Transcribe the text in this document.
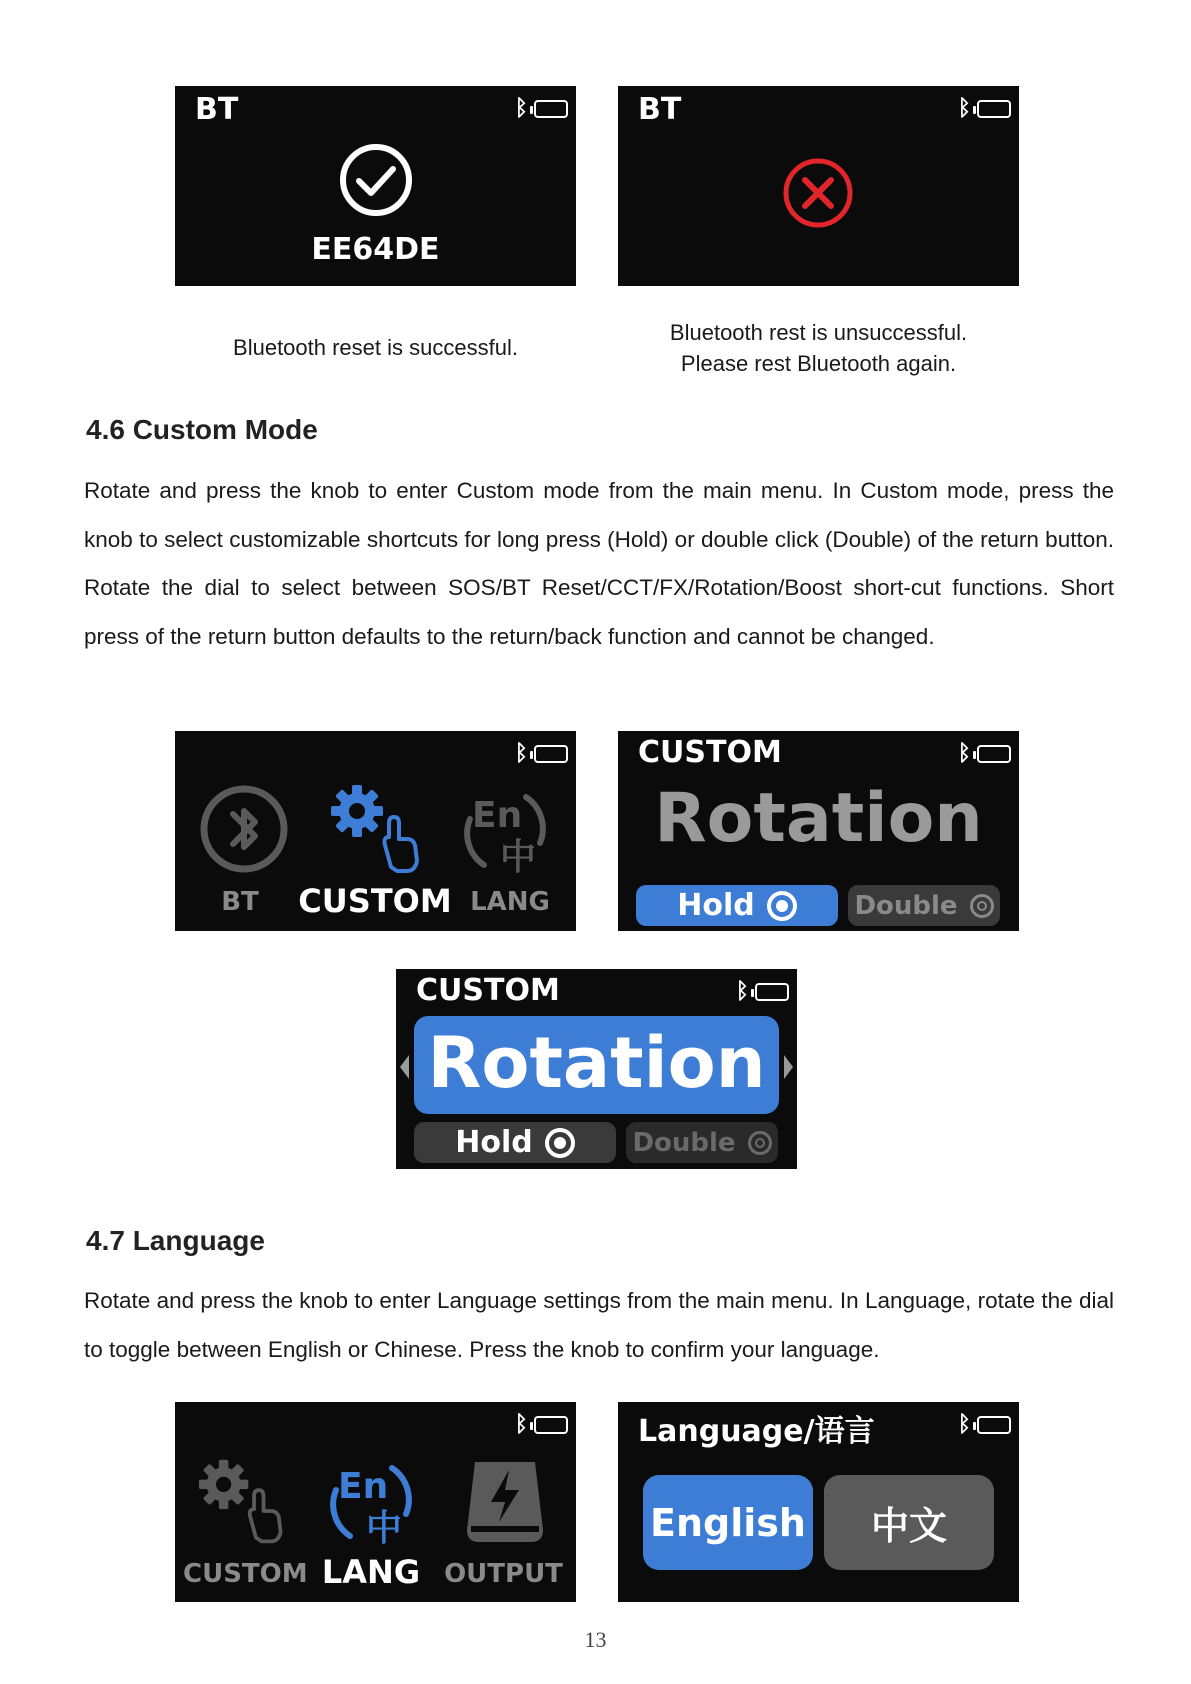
BT	ᛒ
EE64DE
BT	ᛒ
Bluetooth reset is successful.
Bluetooth rest is unsuccessful.
Please rest Bluetooth again.
4.6 Custom Mode
Rotate and press the knob to enter Custom mode from the main menu. In Custom mode, press the knob to select customizable shortcuts for long press (Hold) or double click (Double) of the return button. Rotate the dial to select between SOS/BT Reset/CCT/FX/Rotation/Boost short-cut functions. Short press of the return button defaults to the return/back function and cannot be changed.
ᛒ
En
中
BT	CUSTOM LANG
CUSTOM	ᛒ
Rotation
Hold	Double
CUSTOM	ᛒ
Rotation
Hold	Double
4.7 Language
Rotate and press the knob to enter Language settings from the main menu. In Language, rotate the dial to toggle between English or Chinese. Press the knob to confirm your language.
ᛒ
En
中
CUSTOM LANG OUTPUT
Language/语言	ᛒ
English 中文
13
